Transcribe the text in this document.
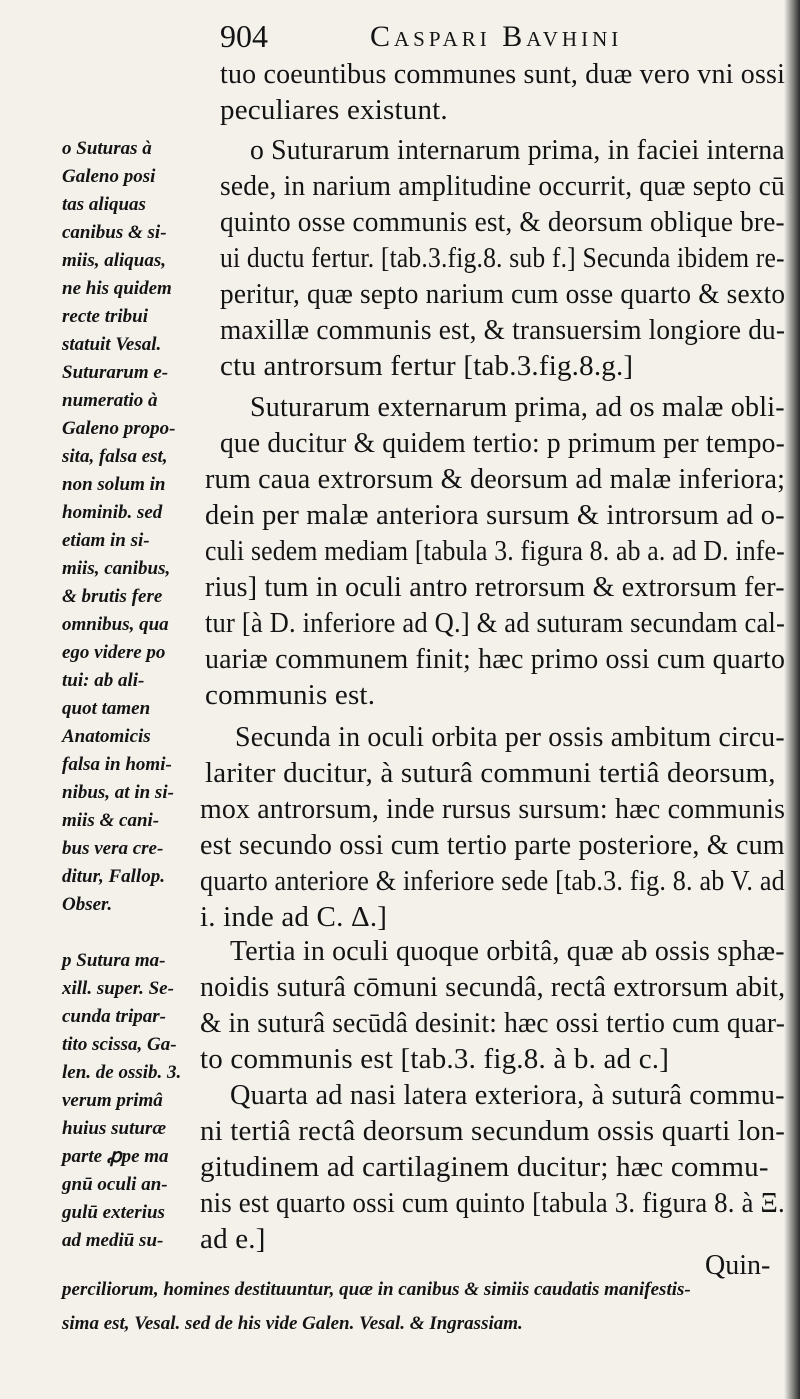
904	Caspari Bavhini
tuo coeuntibus communes sunt, duæ vero vni ossi
peculiares existunt.
o Suturarum internarum prima, in faciei interna
sede, in narium amplitudine occurrit, quæ septo cū
quinto osse communis est, & deorsum oblique bre-
ui ductu fertur. [tab.3.fig.8. sub f.] Secunda ibidem re-
peritur, quæ septo narium cum osse quarto & sexto
maxillæ communis est, & transuersim longiore du-
ctu antrorsum fertur [tab.3.fig.8.g.]
Suturarum externarum prima, ad os malæ obli-
que ducitur & quidem tertio: p primum per tempo-
rum caua extrorsum & deorsum ad malæ inferiora;
dein per malæ anteriora sursum & introrsum ad o-
culi sedem mediam [tabula 3. figura 8. ab a. ad D. infe-
rius] tum in oculi antro retrorsum & extrorsum fer-
tur [à D. inferiore ad Q.] & ad suturam secundam cal-
uariæ communem finit; hæc primo ossi cum quarto
communis est.
Secunda in oculi orbita per ossis ambitum circu-
lariter ducitur, à suturâ communi tertiâ deorsum,
mox antrorsum, inde rursus sursum: hæc communis
est secundo ossi cum tertio parte posteriore, & cum
quarto anteriore & inferiore sede [tab.3. fig. 8. ab V. ad
i. inde ad C. Δ.]
Tertia in oculi quoque orbitâ, quæ ab ossis sphæ-
noidis suturâ cōmuni secundâ, rectâ extrorsum abit,
& in suturâ secūdâ desinit: hæc ossi tertio cum quar-
to communis est [tab.3. fig.8. à b. ad c.]
Quarta ad nasi latera exteriora, à suturâ commu-
ni tertiâ rectâ deorsum secundum ossis quarti lon-
gitudinem ad cartilaginem ducitur; hæc commu-
nis est quarto ossi cum quinto [tabula 3. figura 8. à Ξ.
ad e.]
Quin-
o Suturas à
Galeno posi
tas aliquas
canibus & si-
miis, aliquas,
ne his quidem
recte tribui
statuit Vesal.
Suturarum e-
numeratio à
Galeno propo-
sita, falsa est,
non solum in
hominib. sed
etiam in si-
miis, canibus,
& brutis fere
omnibus, qua
ego videre po
tui: ab ali-
quot tamen
Anatomicis
falsa in homi-
nibus, at in si-
miis & cani-
bus vera cre-
ditur, Fallop.
Obser.
p Sutura ma-
xill. super. Se-
cunda tripar-
tito scissa, Ga-
len. de ossib. 3.
verum primâ
huius suturæ
parte ꝓpe ma
gnū oculi an-
gulū exterius
ad mediū su-
perciliorum, homines destituuntur, quæ in canibus & simiis caudatis manifestis-
sima est, Vesal. sed de his vide Galen. Vesal. & Ingrassiam.
